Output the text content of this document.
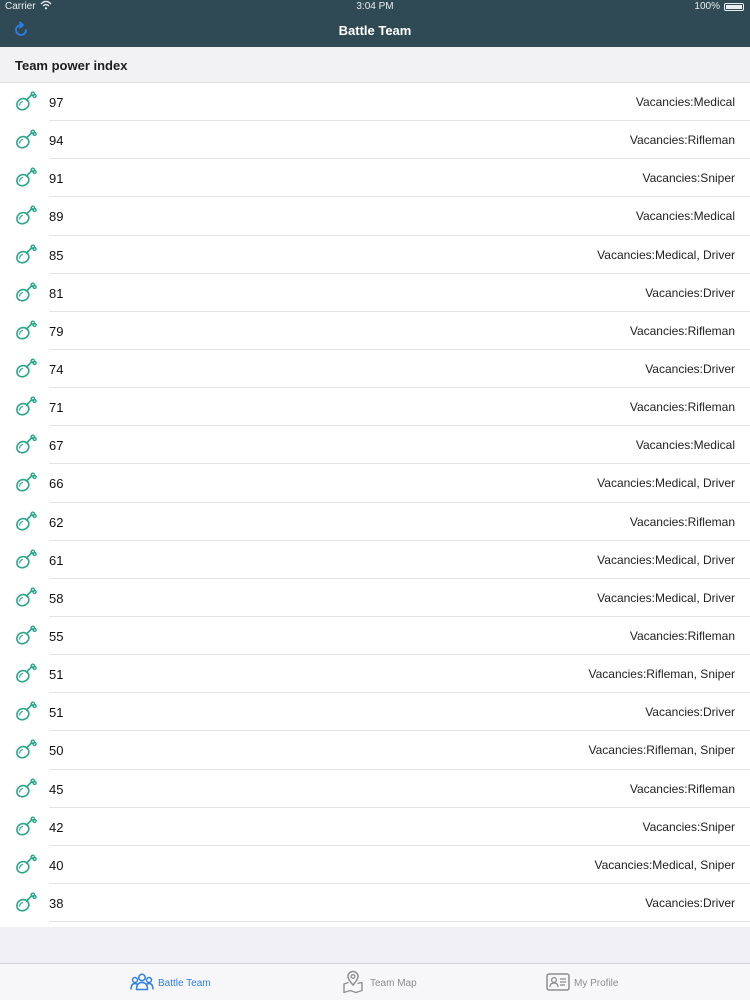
Carrier	3:04 PM	100%
Battle Team
Team power index
97	Vacancies:Medical
94	Vacancies:Rifleman
91	Vacancies:Sniper
89	Vacancies:Medical
85	Vacancies:Medical, Driver
81	Vacancies:Driver
79	Vacancies:Rifleman
74	Vacancies:Driver
71	Vacancies:Rifleman
67	Vacancies:Medical
66	Vacancies:Medical, Driver
62	Vacancies:Rifleman
61	Vacancies:Medical, Driver
58	Vacancies:Medical, Driver
55	Vacancies:Rifleman
51	Vacancies:Rifleman, Sniper
51	Vacancies:Driver
50	Vacancies:Rifleman, Sniper
45	Vacancies:Rifleman
42	Vacancies:Sniper
40	Vacancies:Medical, Sniper
38	Vacancies:Driver
Battle Team	Team Map	My Profile
